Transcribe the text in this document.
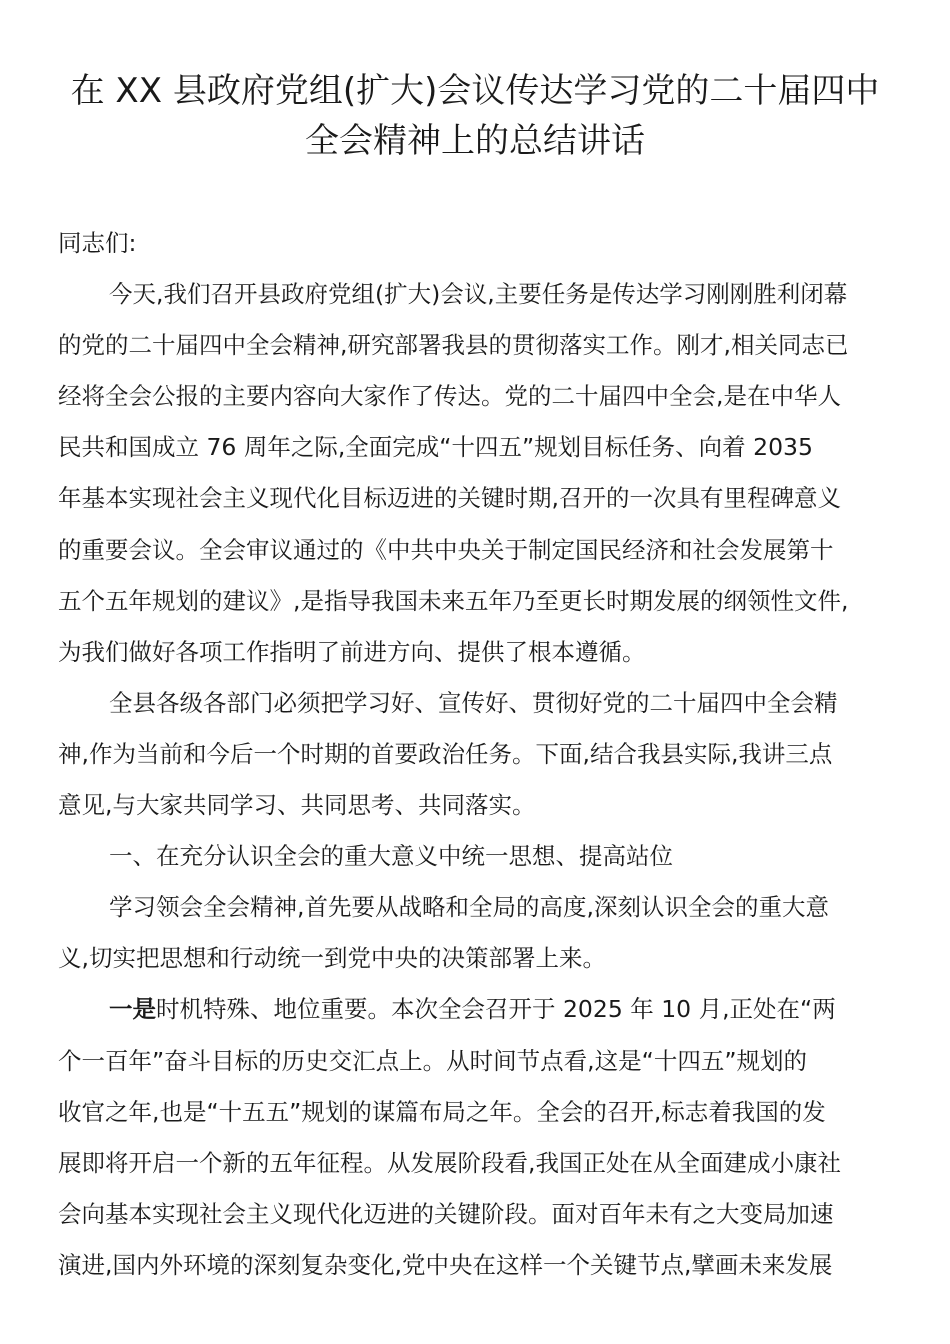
在 XX 县政府党组(扩大)会议传达学习党的二十届四中
全会精神上的总结讲话

同志们:

今天,我们召开县政府党组(扩大)会议,主要任务是传达学习刚刚胜利闭幕
的党的二十届四中全会精神,研究部署我县的贯彻落实工作。刚才,相关同志已
经将全会公报的主要内容向大家作了传达。党的二十届四中全会,是在中华人
民共和国成立 76 周年之际,全面完成“十四五”规划目标任务、向着 2035
年基本实现社会主义现代化目标迈进的关键时期,召开的一次具有里程碑意义
的重要会议。全会审议通过的《中共中央关于制定国民经济和社会发展第十
五个五年规划的建议》,是指导我国未来五年乃至更长时期发展的纲领性文件,
为我们做好各项工作指明了前进方向、提供了根本遵循。

全县各级各部门必须把学习好、宣传好、贯彻好党的二十届四中全会精
神,作为当前和今后一个时期的首要政治任务。下面,结合我县实际,我讲三点
意见,与大家共同学习、共同思考、共同落实。

一、在充分认识全会的重大意义中统一思想、提高站位

学习领会全会精神,首先要从战略和全局的高度,深刻认识全会的重大意
义,切实把思想和行动统一到党中央的决策部署上来。

一是时机特殊、地位重要。本次全会召开于 2025 年 10 月,正处在“两
个一百年”奋斗目标的历史交汇点上。从时间节点看,这是“十四五”规划的
收官之年,也是“十五五”规划的谋篇布局之年。全会的召开,标志着我国的发
展即将开启一个新的五年征程。从发展阶段看,我国正处在从全面建成小康社
会向基本实现社会主义现代化迈进的关键阶段。面对百年未有之大变局加速
演进,国内外环境的深刻复杂变化,党中央在这样一个关键节点,擘画未来发展
